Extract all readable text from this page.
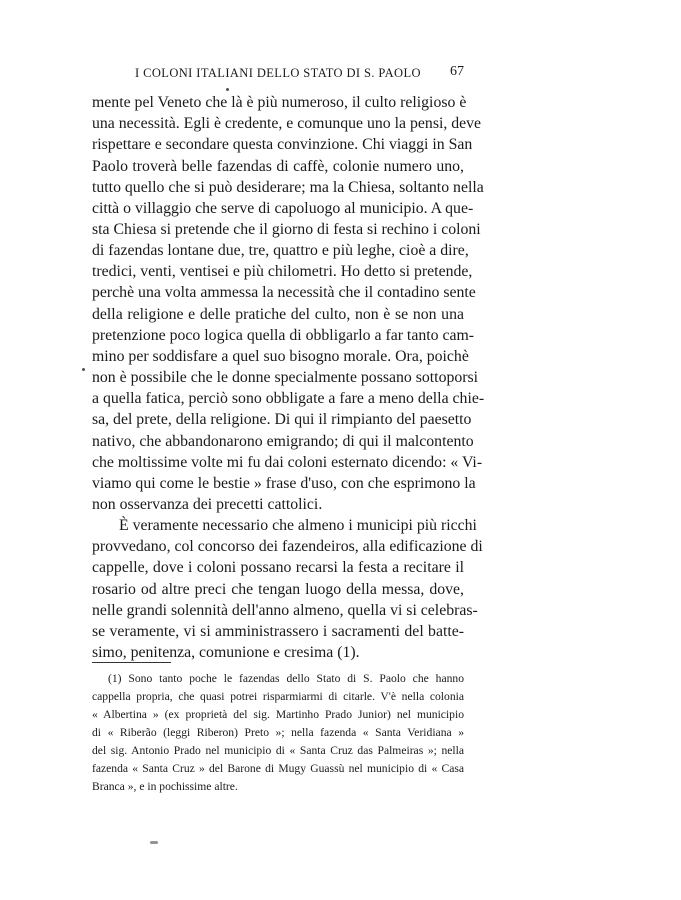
I COLONI ITALIANI DELLO STATO DI S. PAOLO	67
mente pel Veneto che là è più numeroso, il culto religioso è
una necessità. Egli è credente, e comunque uno la pensi, deve
rispettare e secondare questa convinzione. Chi viaggi in San
Paolo troverà belle fazendas di caffè, colonie numero uno,
tutto quello che si può desiderare; ma la Chiesa, soltanto nella
città o villaggio che serve di capoluogo al municipio. A que-
sta Chiesa si pretende che il giorno di festa si rechino i coloni
di fazendas lontane due, tre, quattro e più leghe, cioè a dire,
tredici, venti, ventisei e più chilometri. Ho detto si pretende,
perchè una volta ammessa la necessità che il contadino sente
della religione e delle pratiche del culto, non è se non una
pretenzione poco logica quella di obbligarlo a far tanto cam-
mino per soddisfare a quel suo bisogno morale. Ora, poichè
non è possibile che le donne specialmente possano sottoporsi
a quella fatica, perciò sono obbligate a fare a meno della chie-
sa, del prete, della religione. Di qui il rimpianto del paesetto
nativo, che abbandonarono emigrando; di qui il malcontento
che moltissime volte mi fu dai coloni esternato dicendo: « Vi-
viamo qui come le bestie » frase d'uso, con che esprimono la
non osservanza dei precetti cattolici.
È veramente necessario che almeno i municipi più ricchi
provvedano, col concorso dei fazendeiros, alla edificazione di
cappelle, dove i coloni possano recarsi la festa a recitare il
rosario od altre preci che tengan luogo della messa, dove,
nelle grandi solennità dell'anno almeno, quella vi si celebras-
se veramente, vi si amministrassero i sacramenti del batte-
simo, penitenza, comunione e cresima (1).
(1) Sono tanto poche le fazendas dello Stato di S. Paolo che hanno
cappella propria, che quasi potrei risparmiarmi di citarle. V'è nella colonia
« Albertina » (ex proprietà del sig. Martinho Prado Junior) nel municipio
di « Riberão (leggi Riberon) Preto »; nella fazenda « Santa Veridiana »
del sig. Antonio Prado nel municipio di « Santa Cruz das Palmeiras »; nella
fazenda « Santa Cruz » del Barone di Mugy Guassù nel municipio di « Casa
Branca », e in pochissime altre.
